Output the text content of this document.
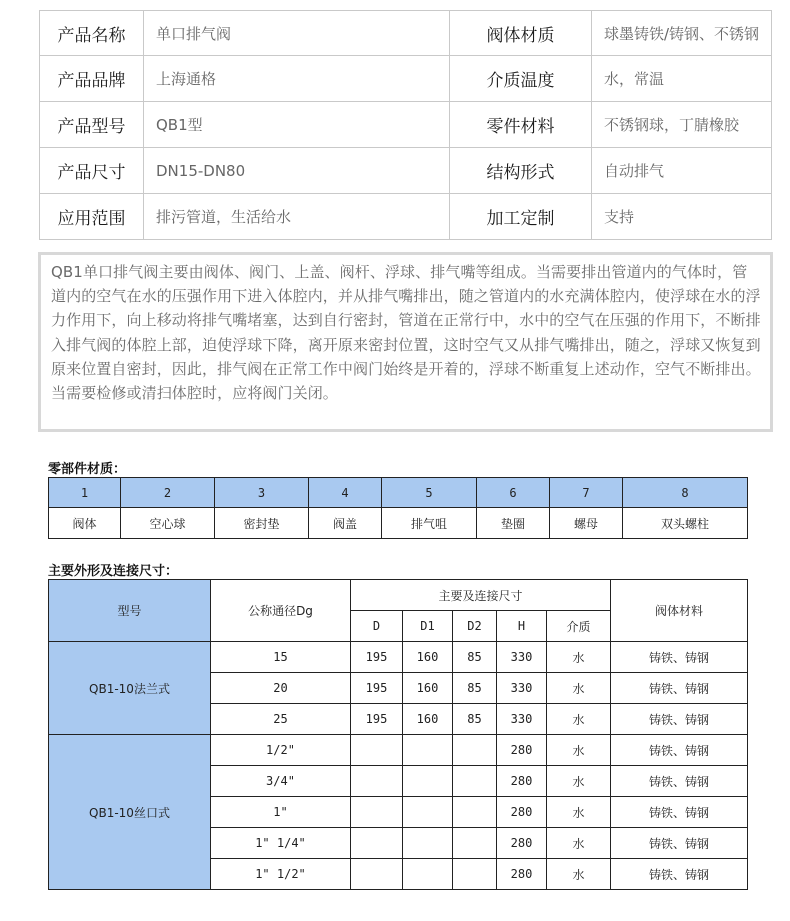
产品名称	单口排气阀	阀体材质	球墨铸铁/铸钢、不锈钢
产品品牌	上海通格	介质温度	水，常温
产品型号	QB1型	零件材料	不锈钢球，丁腈橡胶
产品尺寸	DN15-DN80	结构形式	自动排气
应用范围	排污管道，生活给水	加工定制	支持

QB1单口排气阀主要由阀体、阀门、上盖、阀杆、浮球、排气嘴等组成。当需要排出管道内的气体时，管道内的空气在水的压强作用下进入体腔内，并从排气嘴排出，随之管道内的水充满体腔内，使浮球在水的浮力作用下，向上移动将排气嘴堵塞，达到自行密封，管道在正常行中，水中的空气在压强的作用下，不断排入排气阀的体腔上部，迫使浮球下降，离开原来密封位置，这时空气又从排气嘴排出，随之，浮球又恢复到原来位置自密封，因此，排气阀在正常工作中阀门始终是开着的，浮球不断重复上述动作，空气不断排出。当需要检修或清扫体腔时，应将阀门关闭。

零部件材质：
1	2	3	4	5	6	7	8
阀体	空心球	密封垫	阀盖	排气咀	垫圈	螺母	双头螺柱
主要外形及连接尺寸：
型号	公称通径Dg	主要及连接尺寸					阀体材料
		D	D1	D2	H	介质	
QB1-10法兰式	15	195	160	85	330	水	铸铁、铸钢
	20	195	160	85	330	水	铸铁、铸钢
	25	195	160	85	330	水	铸铁、铸钢
QB1-10丝口式	1/2"				280	水	铸铁、铸钢
	3/4"				280	水	铸铁、铸钢
	1"				280	水	铸铁、铸钢
	1" 1/4"				280	水	铸铁、铸钢
	1" 1/2"				280	水	铸铁、铸钢
